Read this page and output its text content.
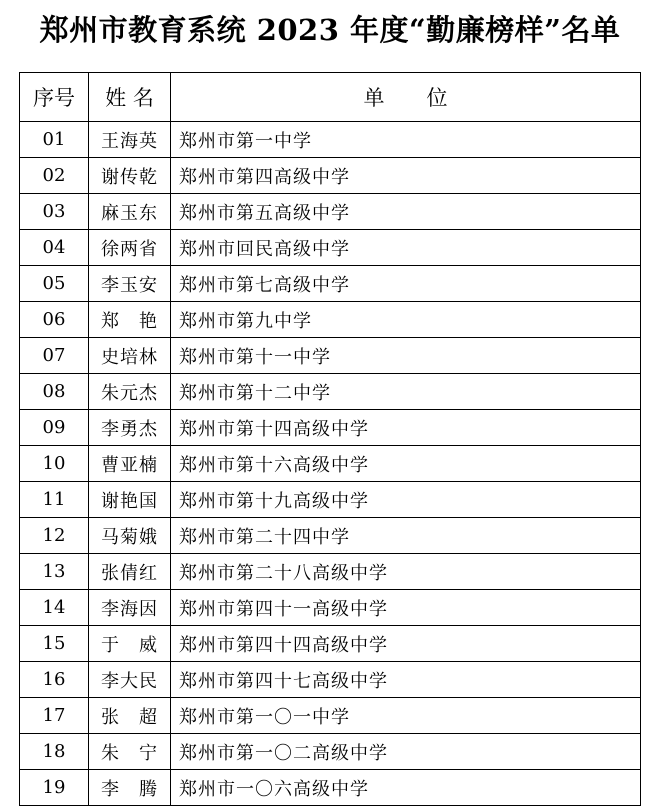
郑州市教育系统 2023 年度“勤廉榜样”名单
序号	姓 名	单　　位
01	王海英	郑州市第一中学
02	谢传乾	郑州市第四高级中学
03	麻玉东	郑州市第五高级中学
04	徐两省	郑州市回民高级中学
05	李玉安	郑州市第七高级中学
06	郑　艳	郑州市第九中学
07	史培林	郑州市第十一中学
08	朱元杰	郑州市第十二中学
09	李勇杰	郑州市第十四高级中学
10	曹亚楠	郑州市第十六高级中学
11	谢艳国	郑州市第十九高级中学
12	马菊娥	郑州市第二十四中学
13	张倩红	郑州市第二十八高级中学
14	李海因	郑州市第四十一高级中学
15	于　威	郑州市第四十四高级中学
16	李大民	郑州市第四十七高级中学
17	张　超	郑州市第一〇一中学
18	朱　宁	郑州市第一〇二高级中学
19	李　腾	郑州市一〇六高级中学
